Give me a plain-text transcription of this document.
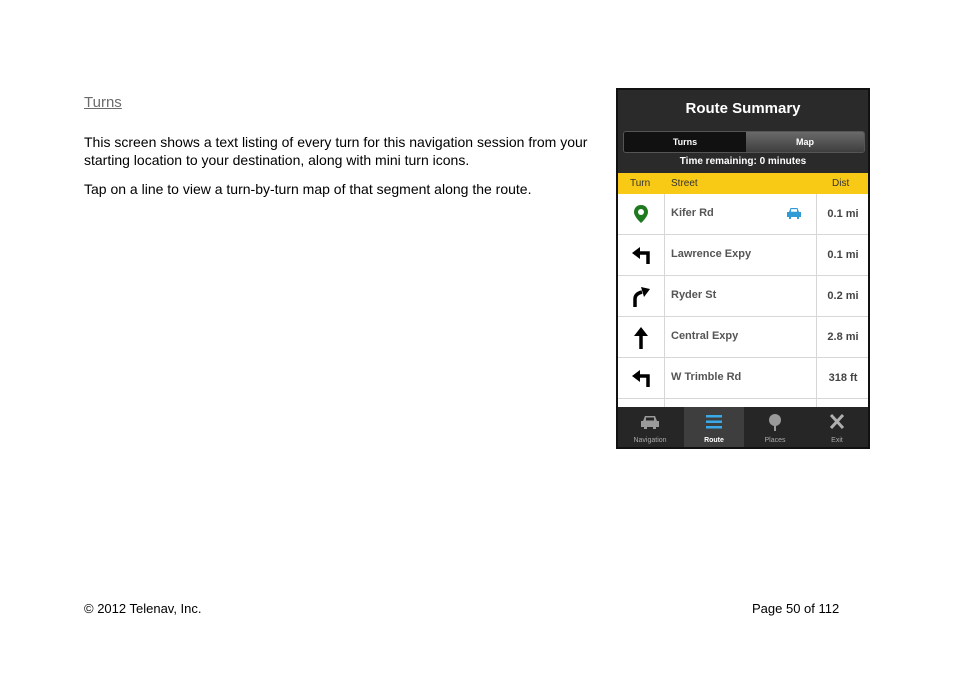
Turns
This screen shows a text listing of every turn for this navigation session from your starting location to your destination, along with mini turn icons.
Tap on a line to view a turn-by-turn map of that segment along the route.
Route Summary
Turns	Map
Time remaining: 0 minutes
Turn Street	Dist
Kifer Rd	0.1 mi
Lawrence Expy	0.1 mi
Ryder St	0.2 mi
Central Expy	2.8 mi
W Trimble Rd	318 ft
Navigation	Route	Places	Exit
© 2012 Telenav, Inc.	Page 50 of 112
